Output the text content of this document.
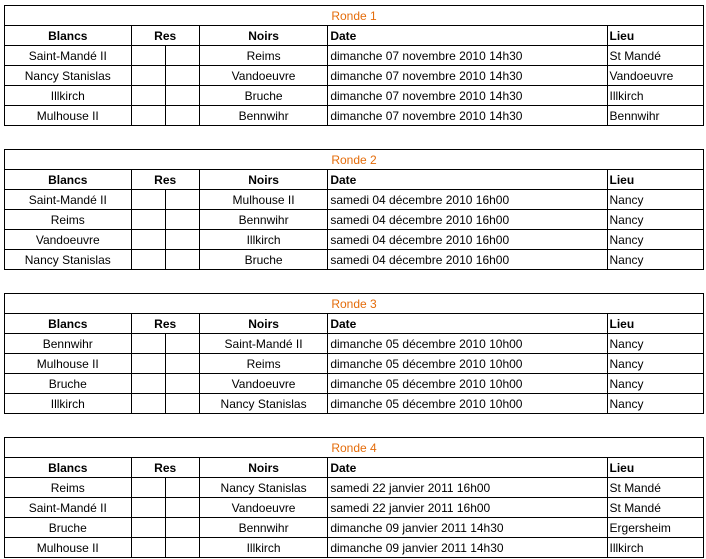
Ronde 1					
Blancs	Res		Noirs	Date	Lieu
Saint-Mandé II			Reims	dimanche 07 novembre 2010 14h30	St Mandé
Nancy Stanislas			Vandoeuvre	dimanche 07 novembre 2010 14h30	Vandoeuvre
Illkirch			Bruche	dimanche 07 novembre 2010 14h30	Illkirch
Mulhouse II			Bennwihr	dimanche 07 novembre 2010 14h30	Bennwihr
Ronde 2					
Blancs	Res		Noirs	Date	Lieu
Saint-Mandé II			Mulhouse II	samedi 04 décembre 2010 16h00	Nancy
Reims			Bennwihr	samedi 04 décembre 2010 16h00	Nancy
Vandoeuvre			Illkirch	samedi 04 décembre 2010 16h00	Nancy
Nancy Stanislas			Bruche	samedi 04 décembre 2010 16h00	Nancy
Ronde 3					
Blancs	Res		Noirs	Date	Lieu
Bennwihr			Saint-Mandé II	dimanche 05 décembre 2010 10h00	Nancy
Mulhouse II			Reims	dimanche 05 décembre 2010 10h00	Nancy
Bruche			Vandoeuvre	dimanche 05 décembre 2010 10h00	Nancy
Illkirch			Nancy Stanislas	dimanche 05 décembre 2010 10h00	Nancy
Ronde 4					
Blancs	Res		Noirs	Date	Lieu
Reims			Nancy Stanislas	samedi 22 janvier 2011 16h00	St Mandé
Saint-Mandé II			Vandoeuvre	samedi 22 janvier 2011 16h00	St Mandé
Bruche			Bennwihr	dimanche 09 janvier 2011 14h30	Ergersheim
Mulhouse II			Illkirch	dimanche 09 janvier 2011 14h30	Illkirch
